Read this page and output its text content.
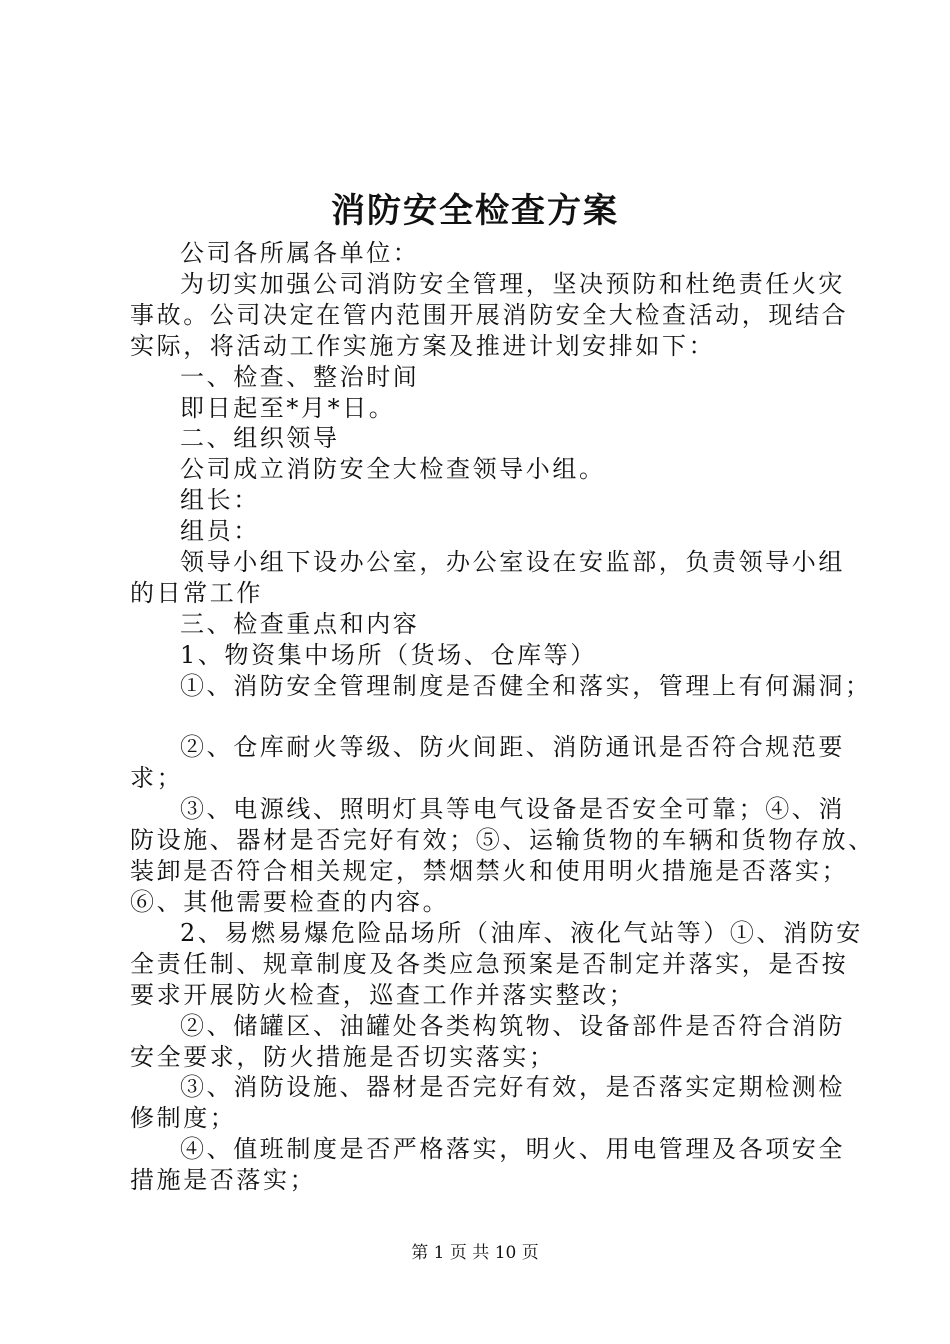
消防安全检查方案

公司各所属各单位：

为切实加强公司消防安全管理，坚决预防和杜绝责任火灾

事故。公司决定在管内范围开展消防安全大检查活动，现结合

实际，将活动工作实施方案及推进计划安排如下：

一、检查、整治时间

即日起至*月*日。

二、组织领导

公司成立消防安全大检查领导小组。

组长：

组员：

领导小组下设办公室，办公室设在安监部，负责领导小组

的日常工作

三、检查重点和内容

1、物资集中场所（货场、仓库等）

①、消防安全管理制度是否健全和落实，管理上有何漏洞；

②、仓库耐火等级、防火间距、消防通讯是否符合规范要

求；

③、电源线、照明灯具等电气设备是否安全可靠；④、消

防设施、器材是否完好有效；⑤、运输货物的车辆和货物存放、

装卸是否符合相关规定，禁烟禁火和使用明火措施是否落实；

⑥、其他需要检查的内容。

2、易燃易爆危险品场所（油库、液化气站等）①、消防安

全责任制、规章制度及各类应急预案是否制定并落实，是否按

要求开展防火检查，巡查工作并落实整改；

②、储罐区、油罐处各类构筑物、设备部件是否符合消防

安全要求，防火措施是否切实落实；

③、消防设施、器材是否完好有效，是否落实定期检测检

修制度；

④、值班制度是否严格落实，明火、用电管理及各项安全

措施是否落实；

第 1 页 共 10 页
